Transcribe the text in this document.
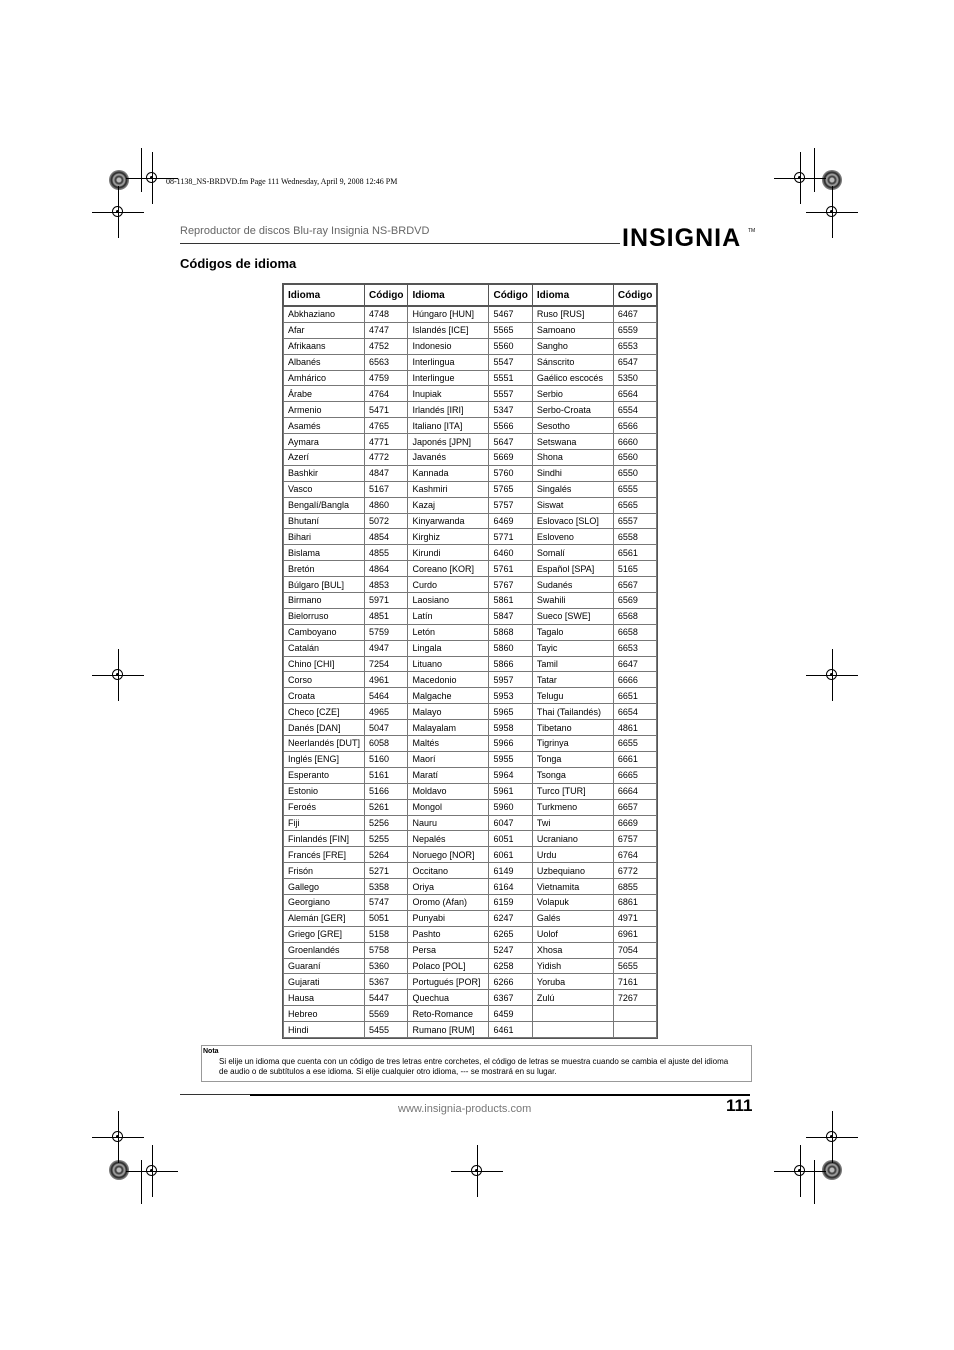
08-1138_NS-BRDVD.fm Page 111 Wednesday, April 9, 2008 12:46 PM
Reproductor de discos Blu-ray Insignia NS-BRDVD	INSIGNIA TM
Códigos de idioma
Idioma	Código	Idioma	Código	Idioma	Código
Abkhaziano	4748	Húngaro [HUN]	5467	Ruso [RUS]	6467
Afar	4747	Islandés [ICE]	5565	Samoano	6559
Afrikaans	4752	Indonesio	5560	Sangho	6553
Albanés	6563	Interlingua	5547	Sánscrito	6547
Amhárico	4759	Interlingue	5551	Gaélico escocés	5350
Árabe	4764	Inupiak	5557	Serbio	6564
Armenio	5471	Irlandés [IRI]	5347	Serbo-Croata	6554
Asamés	4765	Italiano [ITA]	5566	Sesotho	6566
Aymara	4771	Japonés [JPN]	5647	Setswana	6660
Azerí	4772	Javanés	5669	Shona	6560
Bashkir	4847	Kannada	5760	Sindhi	6550
Vasco	5167	Kashmiri	5765	Singalés	6555
Bengalí/Bangla	4860	Kazaj	5757	Siswat	6565
Bhutaní	5072	Kinyarwanda	6469	Eslovaco [SLO]	6557
Bihari	4854	Kirghiz	5771	Esloveno	6558
Bislama	4855	Kirundi	6460	Somalí	6561
Bretón	4864	Coreano [KOR]	5761	Español [SPA]	5165
Búlgaro [BUL]	4853	Curdo	5767	Sudanés	6567
Birmano	5971	Laosiano	5861	Swahili	6569
Bielorruso	4851	Latín	5847	Sueco [SWE]	6568
Camboyano	5759	Letón	5868	Tagalo	6658
Catalán	4947	Lingala	5860	Tayic	6653
Chino [CHI]	7254	Lituano	5866	Tamil	6647
Corso	4961	Macedonio	5957	Tatar	6666
Croata	5464	Malgache	5953	Telugu	6651
Checo [CZE]	4965	Malayo	5965	Thai (Tailandés)	6654
Danés [DAN]	5047	Malayalam	5958	Tibetano	4861
Neerlandés [DUT]	6058	Maltés	5966	Tigrinya	6655
Inglés [ENG]	5160	Maorí	5955	Tonga	6661
Esperanto	5161	Maratí	5964	Tsonga	6665
Estonio	5166	Moldavo	5961	Turco [TUR]	6664
Feroés	5261	Mongol	5960	Turkmeno	6657
Fiji	5256	Nauru	6047	Twi	6669
Finlandés [FIN]	5255	Nepalés	6051	Ucraniano	6757
Francés [FRE]	5264	Noruego [NOR]	6061	Urdu	6764
Frisón	5271	Occitano	6149	Uzbequiano	6772
Gallego	5358	Oriya	6164	Vietnamita	6855
Georgiano	5747	Oromo (Afan)	6159	Volapuk	6861
Alemán [GER]	5051	Punyabi	6247	Galés	4971
Griego [GRE]	5158	Pashto	6265	Uolof	6961
Groenlandés	5758	Persa	5247	Xhosa	7054
Guaraní	5360	Polaco [POL]	6258	Yidish	5655
Gujarati	5367	Portugués [POR]	6266	Yoruba	7161
Hausa	5447	Quechua	6367	Zulú	7267
Hebreo	5569	Reto-Romance	6459		
Hindi	5455	Rumano [RUM]	6461		
Nota
Si elije un idioma que cuenta con un código de tres letras entre corchetes, el código de letras se muestra cuando se cambia el ajuste del idioma de audio o de subtítulos a ese idioma. Si elije cualquier otro idioma, --- se mostrará en su lugar.
www.insignia-products.com	111
